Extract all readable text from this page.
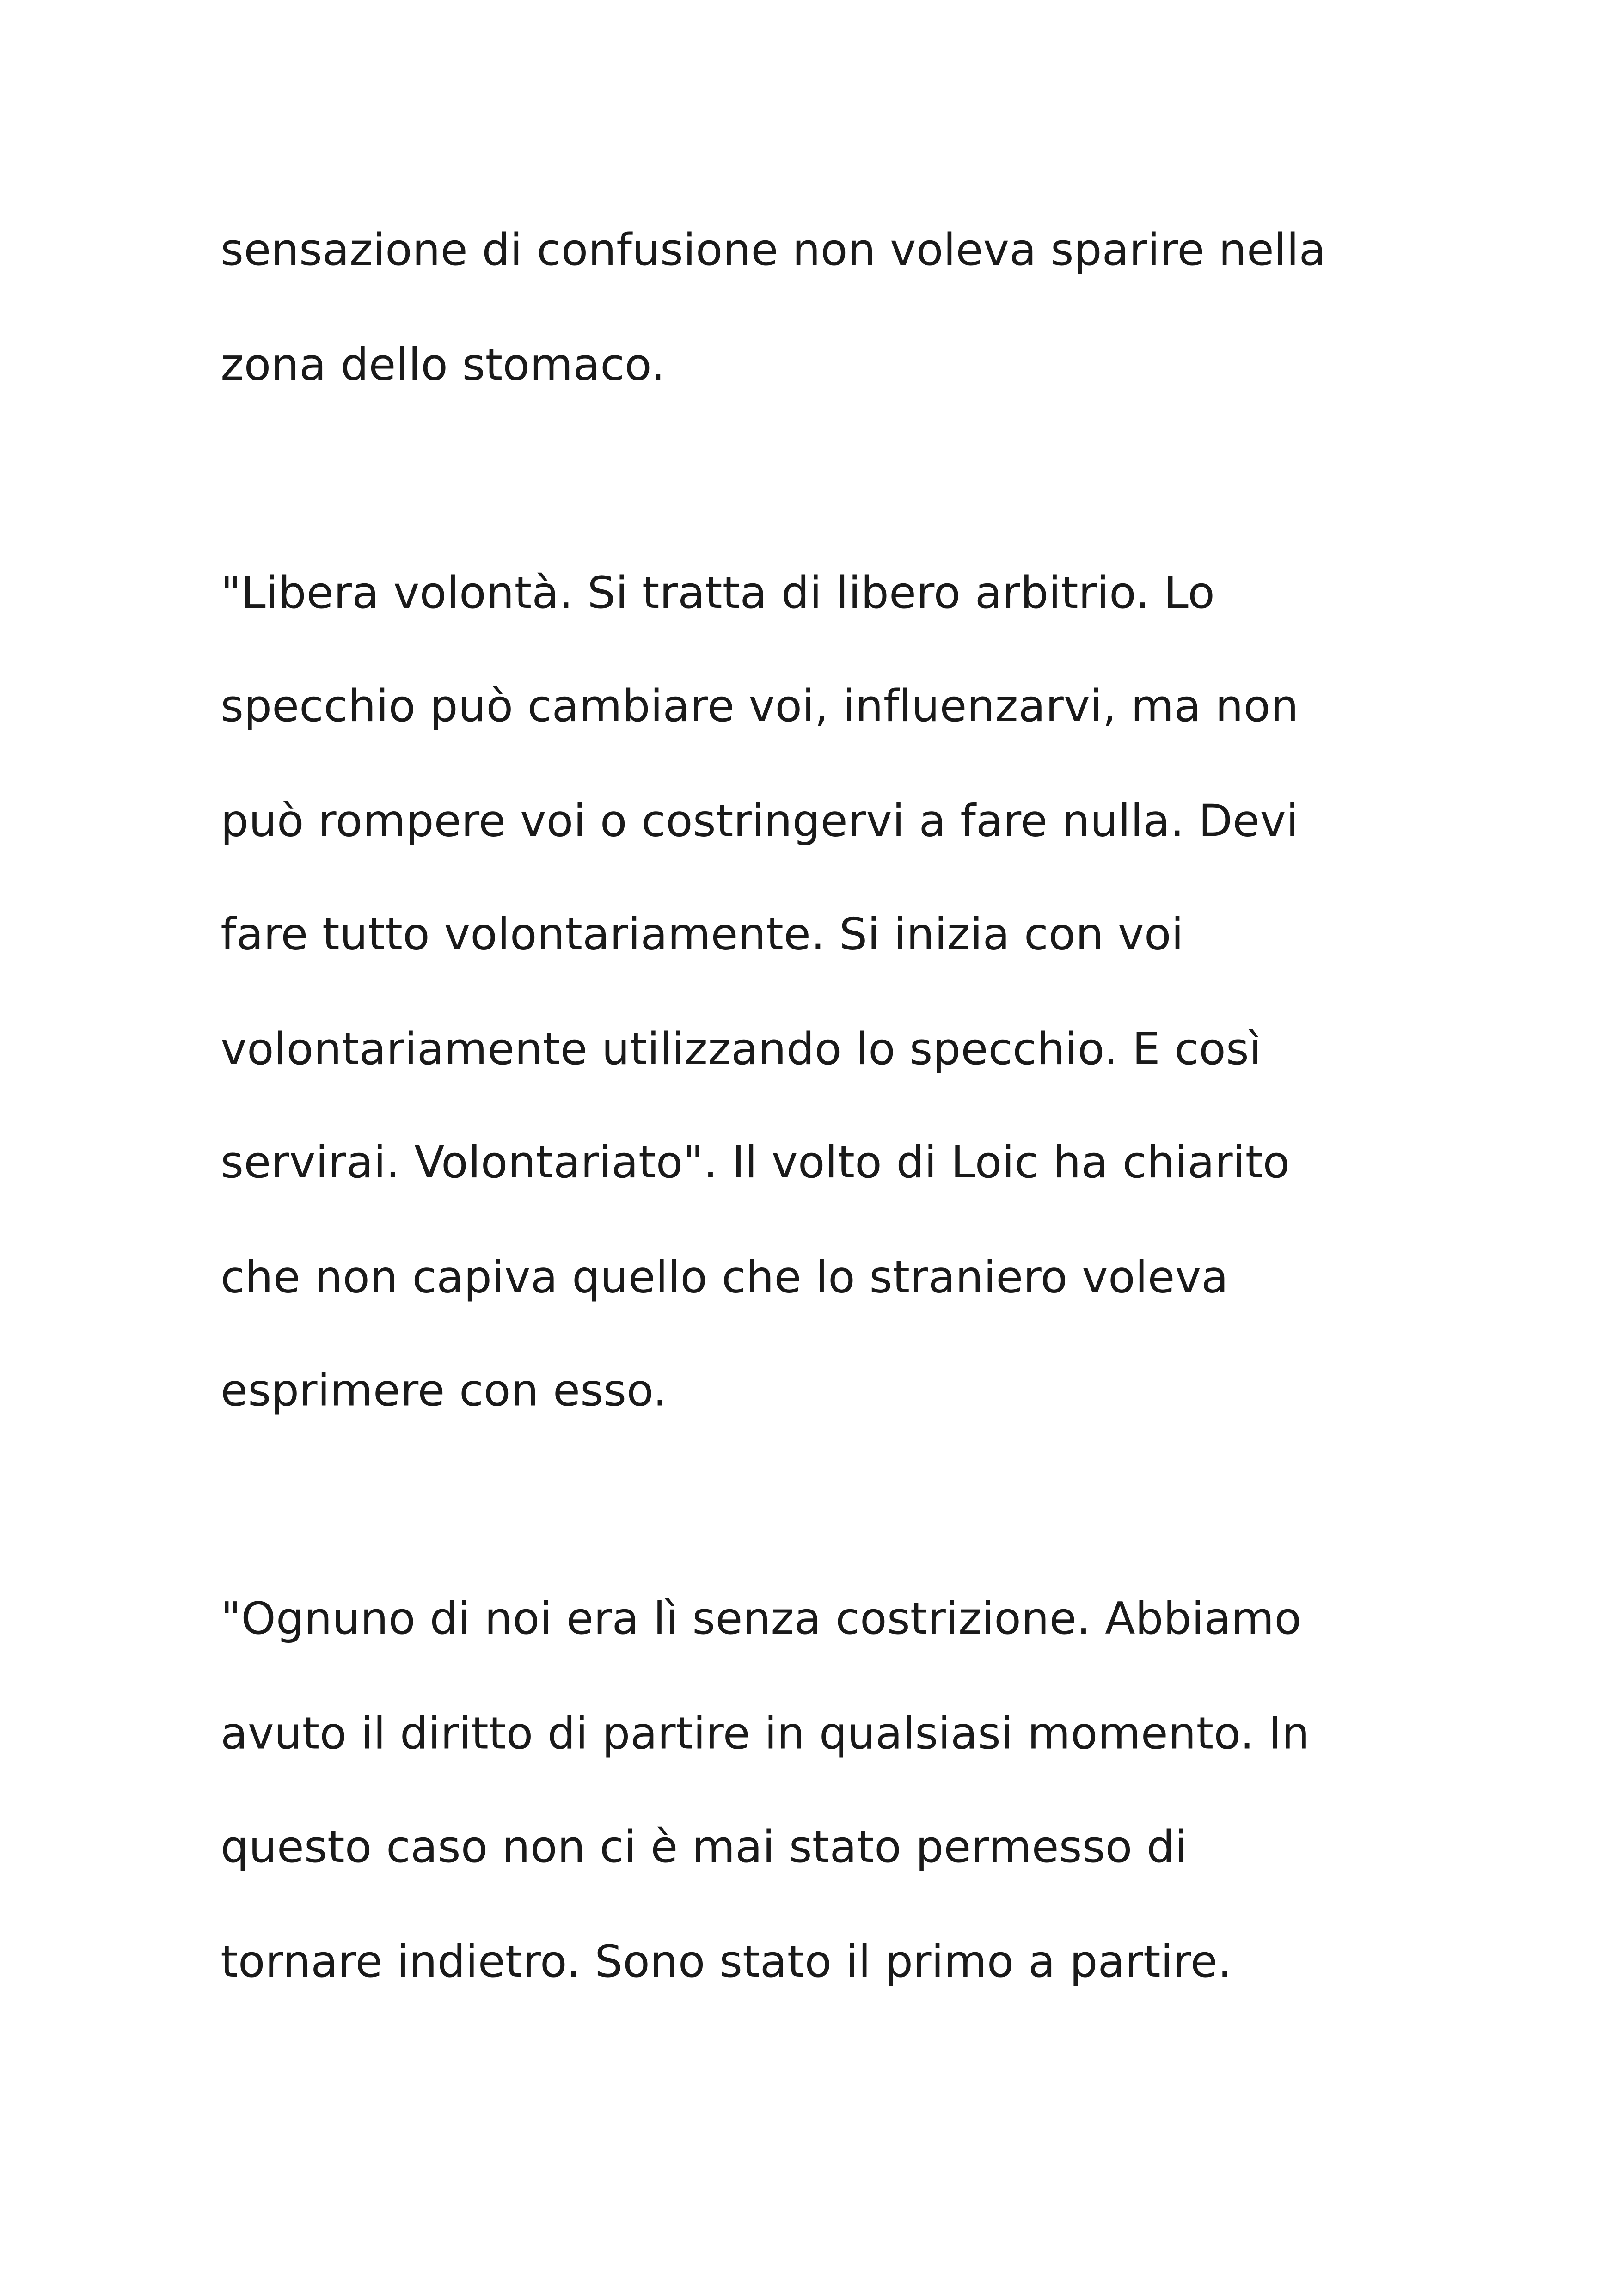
sensazione di confusione non voleva sparire nella
zona dello stomaco.
"Libera volontà. Si tratta di libero arbitrio. Lo
specchio può cambiare voi, influenzarvi, ma non
può rompere voi o costringervi a fare nulla. Devi
fare tutto volontariamente. Si inizia con voi
volontariamente utilizzando lo specchio. E così
servirai. Volontariato". Il volto di Loic ha chiarito
che non capiva quello che lo straniero voleva
esprimere con esso.
"Ognuno di noi era lì senza costrizione. Abbiamo
avuto il diritto di partire in qualsiasi momento. In
questo caso non ci è mai stato permesso di
tornare indietro. Sono stato il primo a partire.
